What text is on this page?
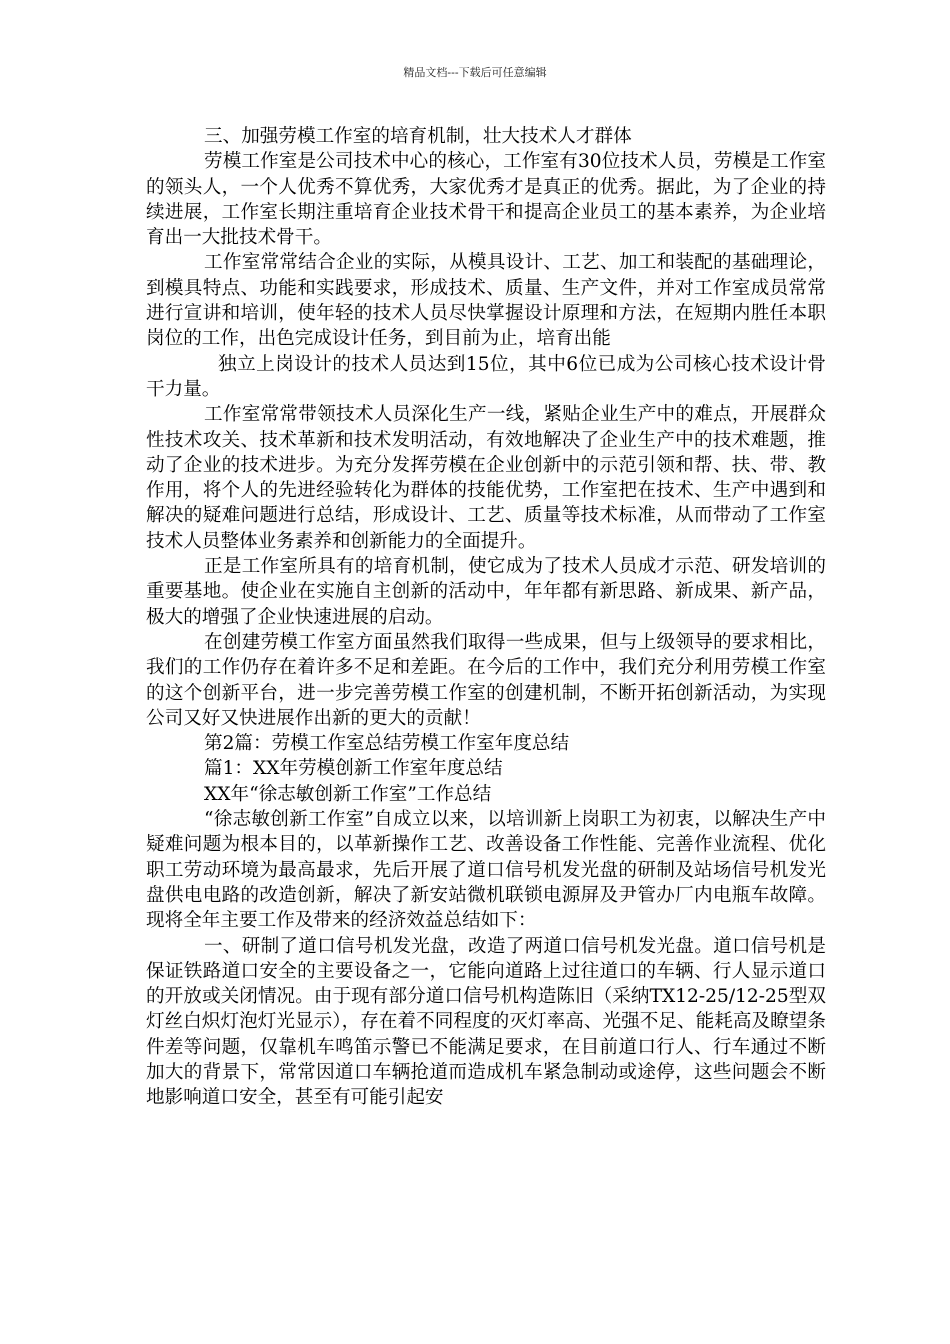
精品文档---下载后可任意编辑

三、加强劳模工作室的培育机制，壮大技术人才群体

劳模工作室是公司技术中心的核心，工作室有30位技术人员，劳模是工作室的领头人，一个人优秀不算优秀，大家优秀才是真正的优秀。据此，为了企业的持续进展，工作室长期注重培育企业技术骨干和提高企业员工的基本素养，为企业培育出一大批技术骨干。

工作室常常结合企业的实际，从模具设计、工艺、加工和装配的基础理论，到模具特点、功能和实践要求，形成技术、质量、生产文件，并对工作室成员常常进行宣讲和培训，使年轻的技术人员尽快掌握设计原理和方法，在短期内胜任本职岗位的工作，出色完成设计任务，到目前为止，培育出能

独立上岗设计的技术人员达到15位，其中6位已成为公司核心技术设计骨干力量。

工作室常常带领技术人员深化生产一线，紧贴企业生产中的难点，开展群众性技术攻关、技术革新和技术发明活动，有效地解决了企业生产中的技术难题，推动了企业的技术进步。为充分发挥劳模在企业创新中的示范引领和帮、扶、带、教作用，将个人的先进经验转化为群体的技能优势，工作室把在技术、生产中遇到和解决的疑难问题进行总结，形成设计、工艺、质量等技术标准，从而带动了工作室技术人员整体业务素养和创新能力的全面提升。

正是工作室所具有的培育机制，使它成为了技术人员成才示范、研发培训的重要基地。使企业在实施自主创新的活动中，年年都有新思路、新成果、新产品，极大的增强了企业快速进展的启动。

在创建劳模工作室方面虽然我们取得一些成果，但与上级领导的要求相比，我们的工作仍存在着许多不足和差距。在今后的工作中，我们充分利用劳模工作室的这个创新平台，进一步完善劳模工作室的创建机制，不断开拓创新活动，为实现公司又好又快进展作出新的更大的贡献！

第2篇：劳模工作室总结劳模工作室年度总结

篇1：XX年劳模创新工作室年度总结

XX年“徐志敏创新工作室”工作总结

“徐志敏创新工作室”自成立以来，以培训新上岗职工为初衷，以解决生产中疑难问题为根本目的，以革新操作工艺、改善设备工作性能、完善作业流程、优化职工劳动环境为最高最求，先后开展了道口信号机发光盘的研制及站场信号机发光盘供电电路的改造创新，解决了新安站微机联锁电源屏及尹管办厂内电瓶车故障。现将全年主要工作及带来的经济效益总结如下：

一、研制了道口信号机发光盘，改造了两道口信号机发光盘。道口信号机是保证铁路道口安全的主要设备之一，它能向道路上过往道口的车辆、行人显示道口的开放或关闭情况。由于现有部分道口信号机构造陈旧（采纳TX12-25/12-25型双灯丝白炽灯泡灯光显示），存在着不同程度的灭灯率高、光强不足、能耗高及瞭望条件差等问题，仅靠机车鸣笛示警已不能满足要求，在目前道口行人、行车通过不断加大的背景下，常常因道口车辆抢道而造成机车紧急制动或途停，这些问题会不断地影响道口安全，甚至有可能引起安
